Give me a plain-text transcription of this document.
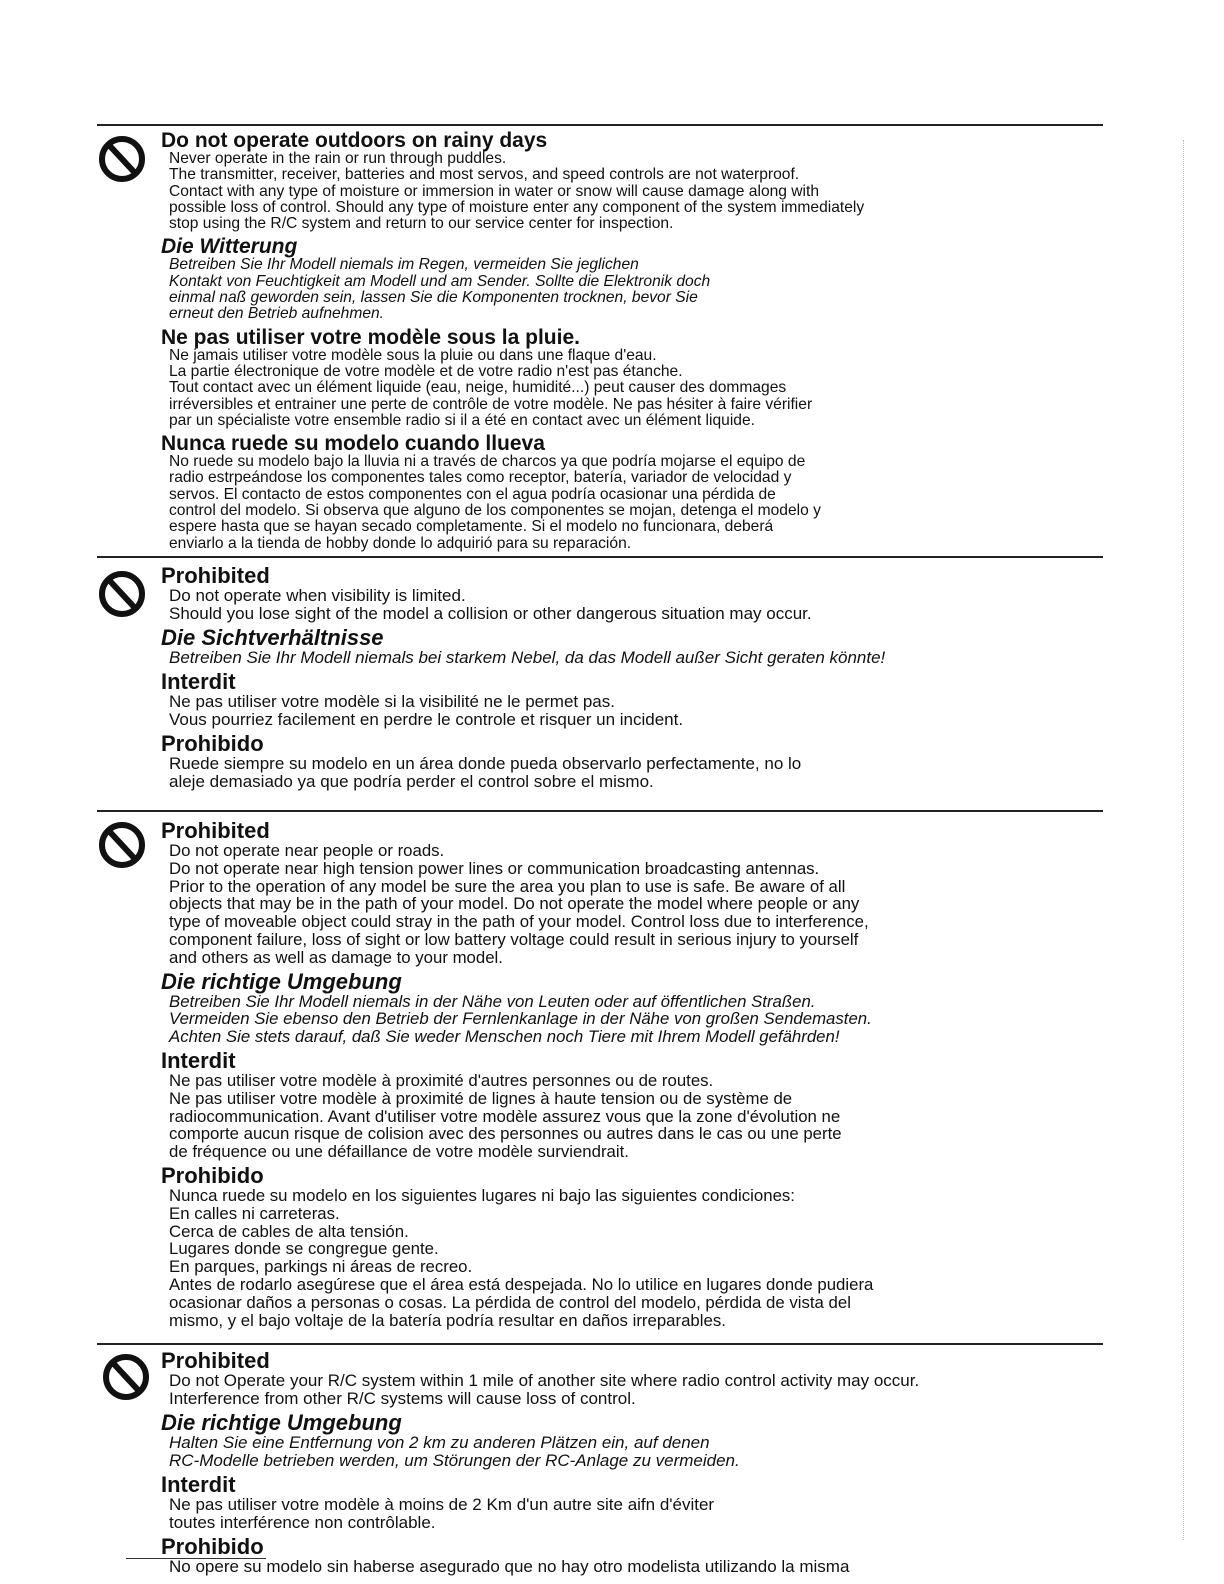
Do not operate outdoors on rainy days

Never operate in the rain or run through puddles.

The transmitter, receiver, batteries and most servos, and speed controls are not waterproof.

Contact with any type of moisture or immersion in water or snow will cause damage along with

possible loss of control. Should any type of moisture enter any component of the system immediately

stop using the R/C system and return to our service center for inspection.

Die Witterung

Betreiben Sie Ihr Modell niemals im Regen, vermeiden Sie jeglichen

Kontakt von Feuchtigkeit am Modell und am Sender. Sollte die Elektronik doch

einmal naß geworden sein, lassen Sie die Komponenten trocknen, bevor Sie

erneut den Betrieb aufnehmen.

Ne pas utiliser votre modèle sous la pluie.

Ne jamais utiliser votre modèle sous la pluie ou dans une flaque d'eau.

La partie électronique de votre modèle et de votre radio n'est pas étanche.

Tout contact avec un élément liquide (eau, neige, humidité...) peut causer des dommages

irréversibles et entrainer une perte de contrôle de votre modèle. Ne pas hésiter à faire vérifier

par un spécialiste votre ensemble radio si il a été en contact avec un élément liquide.

Nunca ruede su modelo cuando llueva

No ruede su modelo bajo la lluvia ni a través de charcos ya que podría mojarse el equipo de

radio estrpeándose los componentes tales como receptor, batería, variador de velocidad y

servos. El contacto de estos componentes con el agua podría ocasionar una pérdida de

control del modelo. Si observa que alguno de los componentes se mojan, detenga el modelo y

espere hasta que se hayan secado completamente. Si el modelo no funcionara, deberá

enviarlo a la tienda de hobby donde lo adquirió para su reparación.

Prohibited

Do not operate when visibility is limited.

Should you lose sight of the model a collision or other dangerous situation may occur.

Die Sichtverhältnisse

Betreiben Sie Ihr Modell niemals bei starkem Nebel, da das Modell außer Sicht geraten könnte!

Interdit

Ne pas utiliser votre modèle si la visibilité ne le permet pas.

Vous pourriez facilement en perdre le controle et risquer un incident.

Prohibido

Ruede siempre su modelo en un área donde pueda observarlo perfectamente, no lo

aleje demasiado ya que podría perder el control sobre el mismo.

Prohibited

Do not operate near people or roads.

Do not operate near high tension power lines or communication broadcasting antennas.

Prior to the operation of any model be sure the area you plan to use is safe. Be aware of all

objects that may be in the path of your model. Do not operate the model where people or any

type of moveable object could stray in the path of your model. Control loss due to interference,

component failure, loss of sight or low battery voltage could result in serious injury to yourself

and others as well as damage to your model.

Die richtige Umgebung

Betreiben Sie Ihr Modell niemals in der Nähe von Leuten oder auf öffentlichen Straßen.

Vermeiden Sie ebenso den Betrieb der Fernlenkanlage in der Nähe von großen Sendemasten.

Achten Sie stets darauf, daß Sie weder Menschen noch Tiere mit Ihrem Modell gefährden!

Interdit

Ne pas utiliser votre modèle à proximité d'autres personnes ou de routes.

Ne pas utiliser votre modèle à proximité de lignes à haute tension ou de système de

radiocommunication. Avant d'utiliser votre modèle assurez vous que la zone d'évolution ne

comporte aucun risque de colision avec des personnes ou autres dans le cas ou une perte

de fréquence ou une défaillance de votre modèle surviendrait.

Prohibido

Nunca ruede su modelo en los siguientes lugares ni bajo las siguientes condiciones:

En calles ni carreteras.

Cerca de cables de alta tensión.

Lugares donde se congregue gente.

En parques, parkings ni áreas de recreo.

Antes de rodarlo asegúrese que el área está despejada. No lo utilice en lugares donde pudiera

ocasionar daños a personas o cosas. La pérdida de control del modelo, pérdida de vista del

mismo, y el bajo voltaje de la batería podría resultar en daños irreparables.

Prohibited

Do not Operate your R/C system within 1 mile of another site where radio control activity may occur.

Interference from other R/C systems will cause loss of control.

Die richtige Umgebung

Halten Sie eine Entfernung von 2 km zu anderen Plätzen ein, auf denen

RC-Modelle betrieben werden, um Störungen der RC-Anlage zu vermeiden.

Interdit

Ne pas utiliser votre modèle à moins de 2 Km d'un autre site aifn d'éviter

toutes interférence non contrôlable.

Prohibido

No opere su modelo sin haberse asegurado que no hay otro modelista utilizando la misma
